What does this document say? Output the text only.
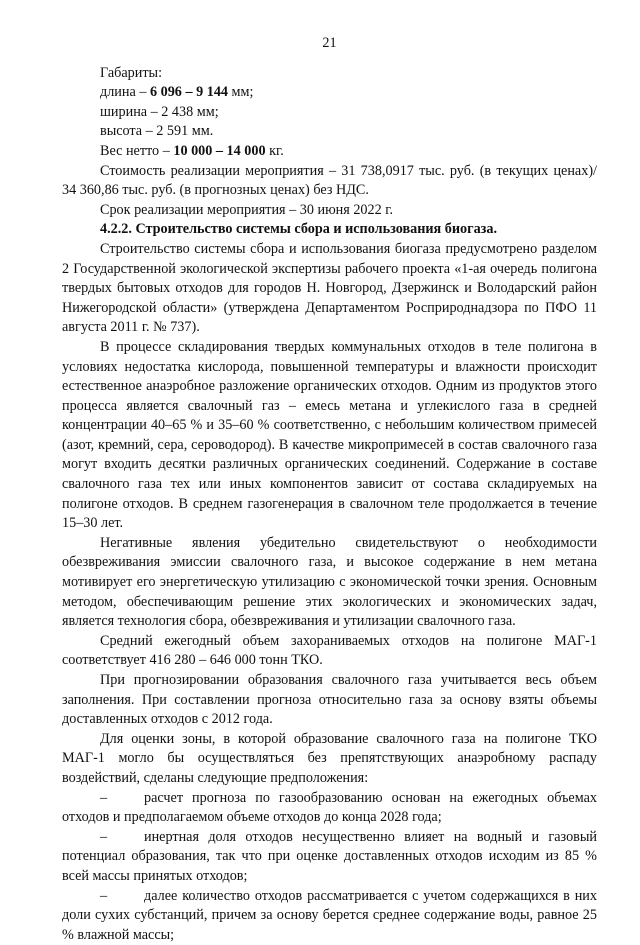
21

Габариты:

длина – 6 096 – 9 144 мм;

ширина – 2 438 мм;

высота – 2 591 мм.

Вес нетто – 10 000 – 14 000 кг.

Стоимость реализации мероприятия – 31 738,0917 тыс. руб. (в текущих ценах)/ 34 360,86 тыс. руб. (в прогнозных ценах) без НДС.

Срок реализации мероприятия – 30 июня 2022 г.

4.2.2. Строительство системы сбора и использования биогаза.

Строительство системы сбора и использования биогаза предусмотрено разделом 2 Государственной экологической экспертизы рабочего проекта «1-ая очередь полигона твердых бытовых отходов для городов Н. Новгород, Дзержинск и Володарский район Нижегородской области» (утверждена Департаментом Росприроднадзора по ПФО 11 августа 2011 г. № 737).

В процессе складирования твердых коммунальных отходов в теле полигона в условиях недостатка кислорода, повышенной температуры и влажности происходит естественное анаэробное разложение органических отходов. Одним из продуктов этого процесса является свалочный газ – емесь метана и углекислого газа в средней концентрации 40–65 % и 35–60 % соответственно, с небольшим количеством примесей (азот, кремний, сера, сероводород). В качестве микропримесей в состав свалочного газа могут входить десятки различных органических соединений. Содержание в составе свалочного газа тех или иных компонентов зависит от состава складируемых на полигоне отходов. В среднем газогенерация в свалочном теле продолжается в течение 15–30 лет.

Негативные явления убедительно свидетельствуют о необходимости обезвреживания эмиссии свалочного газа, и высокое содержание в нем метана мотивирует его энергетическую утилизацию с экономической точки зрения. Основным методом, обеспечивающим решение этих экологических и экономических задач, является технология сбора, обезвреживания и утилизации свалочного газа.

Средний ежегодный объем захораниваемых отходов на полигоне МАГ-1 соответствует 416 280 – 646 000 тонн ТКО.

При прогнозировании образования свалочного газа учитывается весь объем заполнения. При составлении прогноза относительно газа за основу взяты объемы доставленных отходов с 2012 года.

Для оценки зоны, в которой образование свалочного газа на полигоне ТКО МАГ-1 могло бы осуществляться без препятствующих анаэробному распаду воздействий, сделаны следующие предположения:

–	расчет прогноза по газообразованию основан на ежегодных объемах отходов и предполагаемом объеме отходов до конца 2028 года;

–	инертная доля отходов несущественно влияет на водный и газовый потенциал образования, так что при оценке доставленных отходов исходим из 85 % всей массы принятых отходов;

–	далее количество отходов рассматривается с учетом содержащихся в них доли сухих субстанций, причем за основу берется среднее содержание воды, равное 25 % влажной массы;
